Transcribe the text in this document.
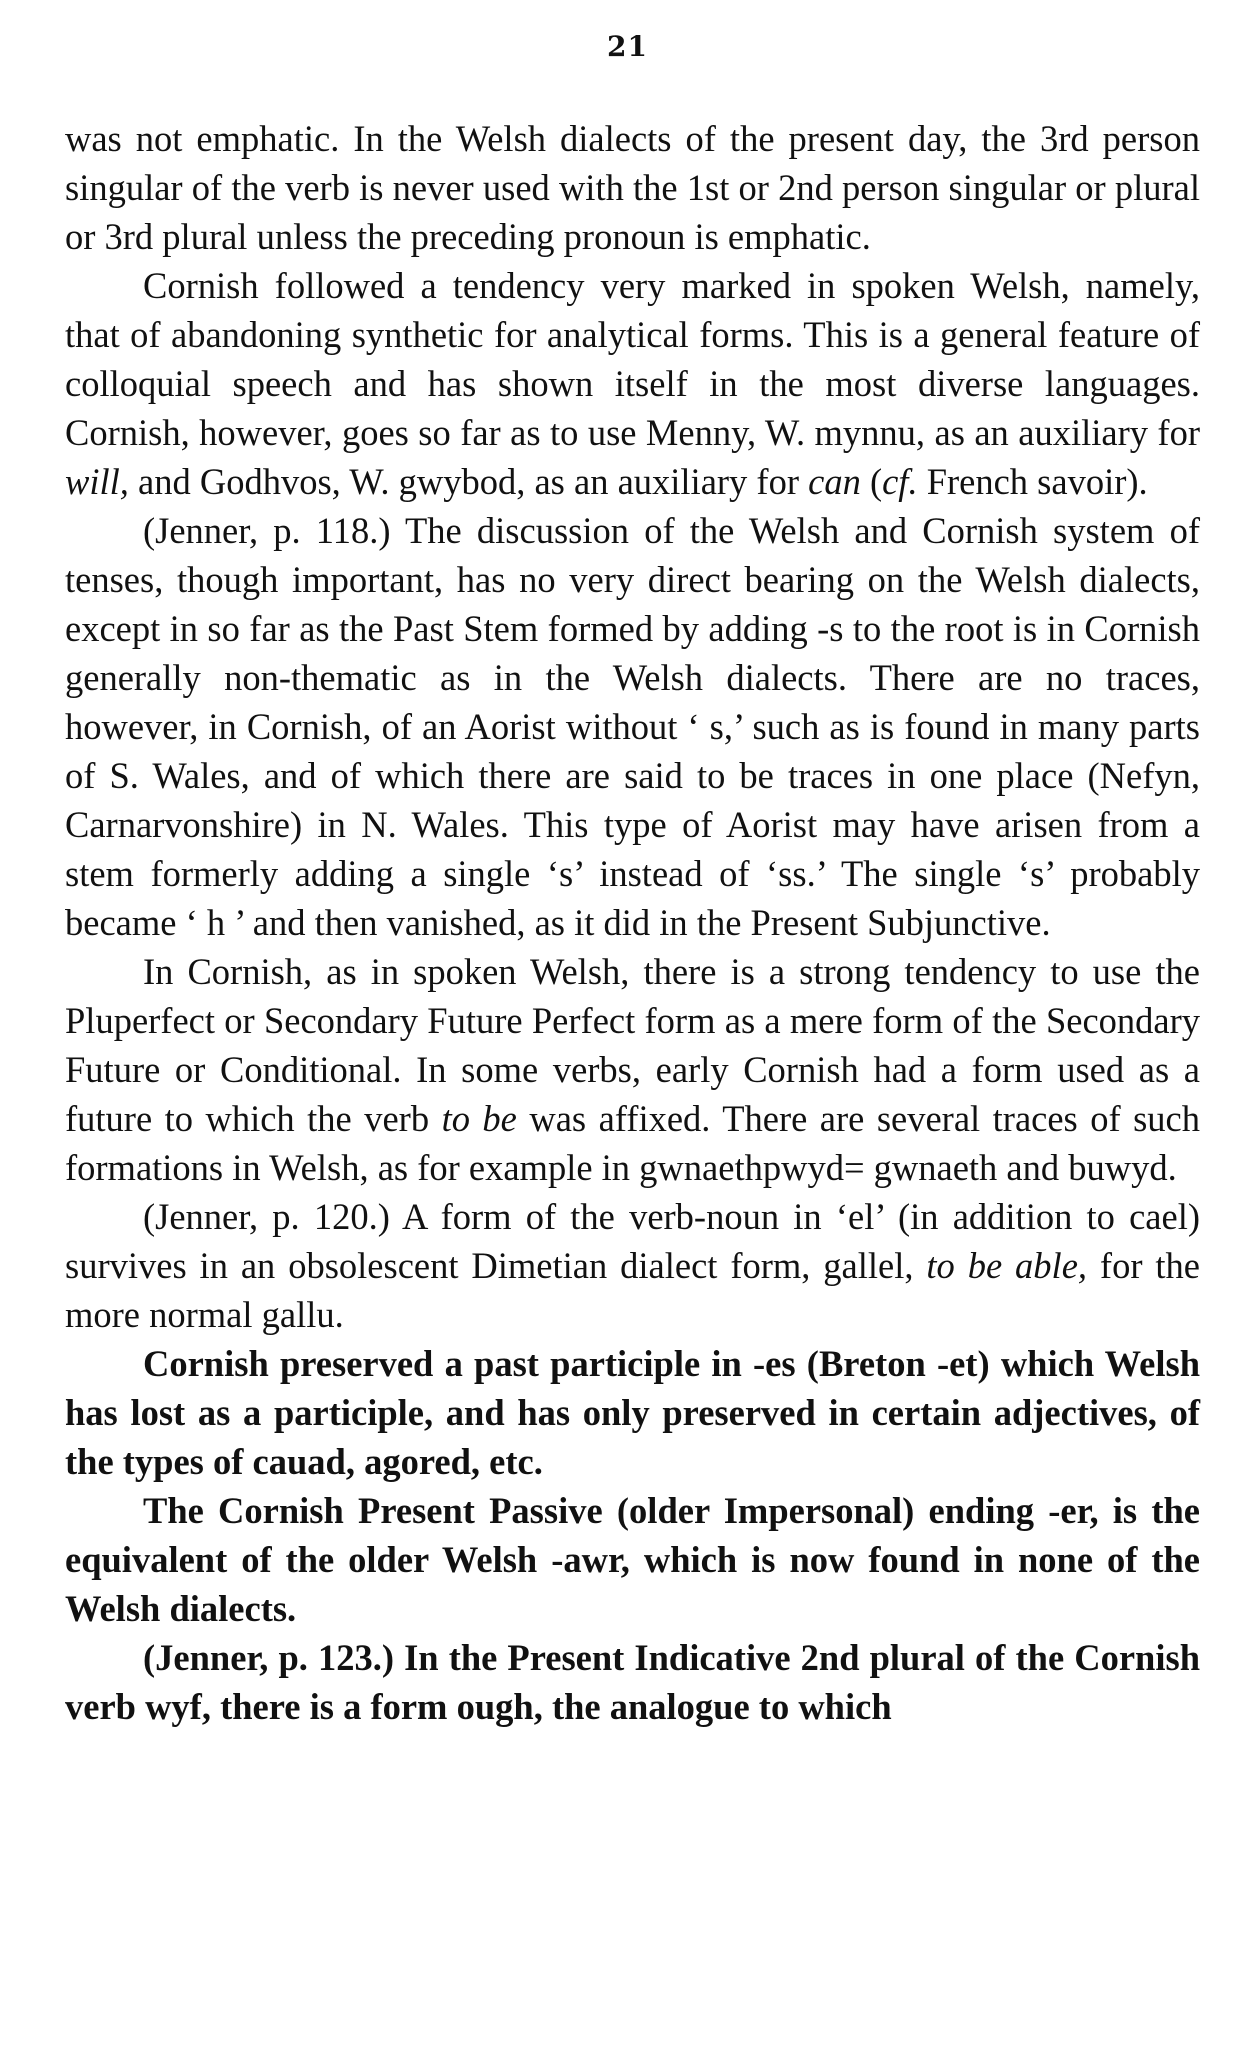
21

was not emphatic. In the Welsh dialects of the present day, the 3rd person singular of the verb is never used with the 1st or 2nd person singular or plural or 3rd plural unless the preceding pronoun is emphatic.

Cornish followed a tendency very marked in spoken Welsh, namely, that of abandoning synthetic for analytical forms. This is a general feature of colloquial speech and has shown itself in the most diverse languages. Cornish, however, goes so far as to use Menny, W. mynnu, as an auxiliary for will, and Godhvos, W. gwybod, as an auxiliary for can (cf. French savoir).

(Jenner, p. 118.) The discussion of the Welsh and Cornish system of tenses, though important, has no very direct bearing on the Welsh dialects, except in so far as the Past Stem formed by adding -s to the root is in Cornish generally non-thematic as in the Welsh dialects. There are no traces, however, in Cornish, of an Aorist without ‘ s,’ such as is found in many parts of S. Wales, and of which there are said to be traces in one place (Nefyn, Carnarvonshire) in N. Wales. This type of Aorist may have arisen from a stem formerly adding a single ‘s’ instead of ‘ss.’ The single ‘s’ probably became ‘ h ’ and then vanished, as it did in the Present Subjunctive.

In Cornish, as in spoken Welsh, there is a strong tendency to use the Pluperfect or Secondary Future Perfect form as a mere form of the Secondary Future or Conditional. In some verbs, early Cornish had a form used as a future to which the verb to be was affixed. There are several traces of such formations in Welsh, as for example in gwnaethpwyd= gwnaeth and buwyd.

(Jenner, p. 120.) A form of the verb-noun in ‘el’ (in addition to cael) survives in an obsolescent Dimetian dialect form, gallel, to be able, for the more normal gallu.

Cornish preserved a past participle in -es (Breton -et) which Welsh has lost as a participle, and has only preserved in certain adjectives, of the types of cauad, agored, etc.

The Cornish Present Passive (older Impersonal) ending -er, is the equivalent of the older Welsh -awr, which is now found in none of the Welsh dialects.

(Jenner, p. 123.) In the Present Indicative 2nd plural of the Cornish verb wyf, there is a form ough, the analogue to which
